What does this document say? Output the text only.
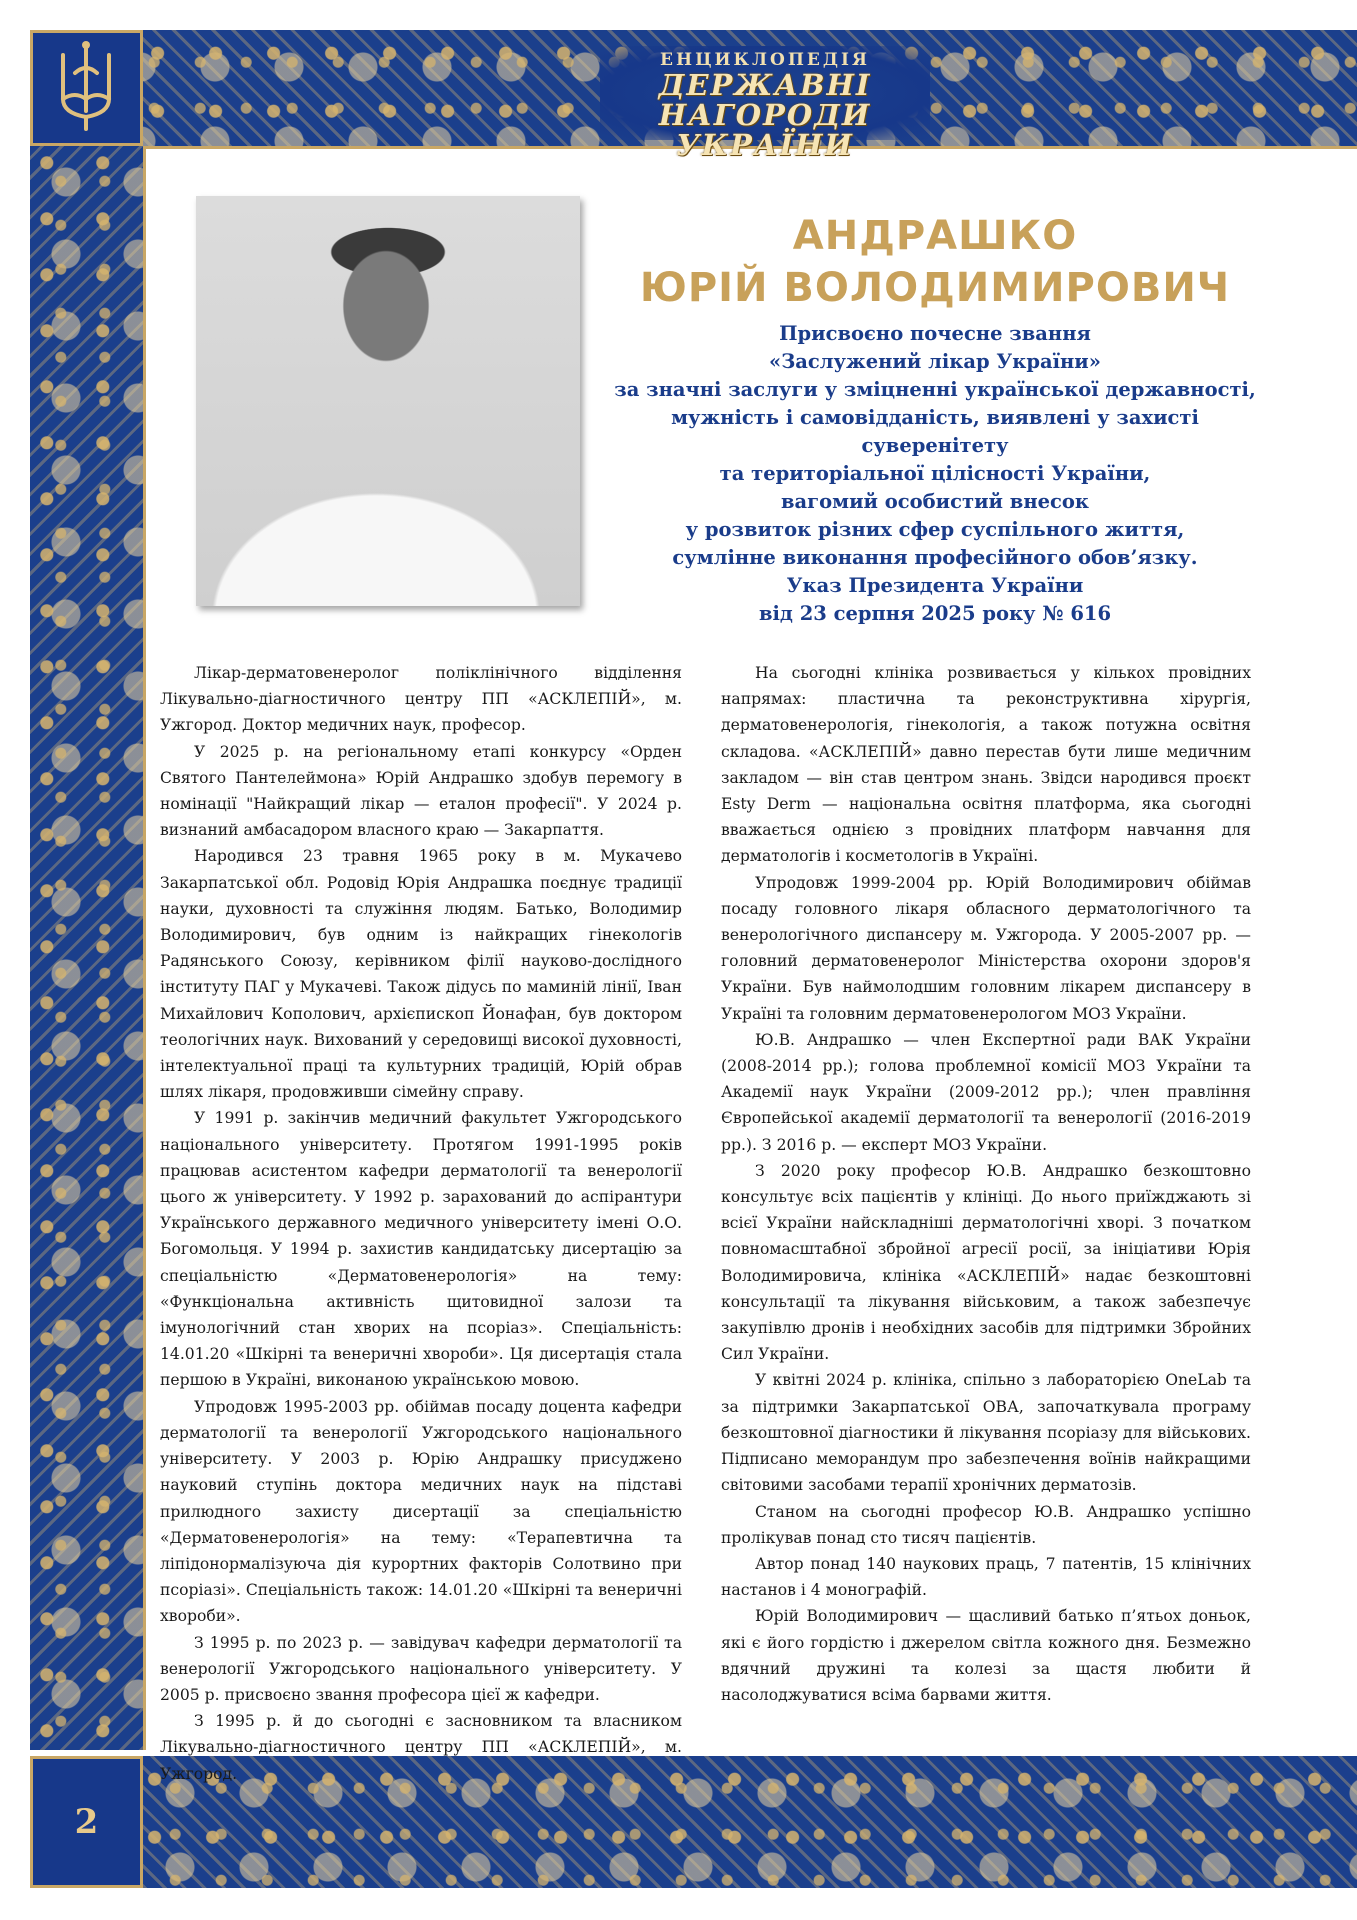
ЕНЦИКЛОПЕДІЯ
ДЕРЖАВНІ НАГОРОДИ
УКРАЇНИ
2
АНДРАШКО
ЮРІЙ ВОЛОДИМИРОВИЧ
Присвоєно почесне звання
«Заслужений лікар України»
за значні заслуги у зміцненні української державності,
мужність і самовідданість, виявлені у захисті суверенітету
та територіальної цілісності України,
вагомий особистий внесок
у розвиток різних сфер суспільного життя,
сумлінне виконання професійного обов’язку.
Указ Президента України
від 23 серпня 2025 року № 616

Лікар-дерматовенеролог поліклінічного відділення Лікувально-діагностичного центру ПП «АСКЛЕПІЙ», м. Ужгород. Доктор медичних наук, професор.

У 2025 р. на регіональному етапі конкурсу «Орден Святого Пантелеймона» Юрій Андрашко здобув перемогу в номінації "Найкращий лікар — еталон професії". У 2024 р. визнаний амбасадором власного краю — Закарпаття.

Народився 23 травня 1965 року в м. Мукачево Закарпатської обл. Родовід Юрія Андрашка поєднує традиції науки, духовності та служіння людям. Батько, Володимир Володимирович, був одним із найкращих гінекологів Радянського Союзу, керівником філії науково-дослідного інституту ПАГ у Мукачеві. Також дідусь по маминій лінії, Іван Михайлович Кополович, архієпископ Йонафан, був доктором теологічних наук. Вихований у середовищі високої духовності, інтелектуальної праці та культурних традицій, Юрій обрав шлях лікаря, продовживши сімейну справу.

У 1991 р. закінчив медичний факультет Ужгородського національного університету. Протягом 1991-1995 років працював асистентом кафедри дерматології та венерології цього ж університету. У 1992 р. зарахований до аспірантури Українського державного медичного університету імені О.О. Богомольця. У 1994 р. захистив кандидатську дисертацію за спеціальністю «Дерматовенерологія» на тему: «Функціональна активність щитовидної залози та імунологічний стан хворих на псоріаз». Спеціальність: 14.01.20 «Шкірні та венеричні хвороби». Ця дисертація стала першою в Україні, виконаною українською мовою.

Упродовж 1995-2003 рр. обіймав посаду доцента кафедри дерматології та венерології Ужгородського національного університету. У 2003 р. Юрію Андрашку присуджено науковий ступінь доктора медичних наук на підставі прилюдного захисту дисертації за спеціальністю «Дерматовенерологія» на тему: «Терапевтична та ліпідонормалізуюча дія курортних факторів Солотвино при псоріазі». Спеціальність також: 14.01.20 «Шкірні та венеричні хвороби».

З 1995 р. по 2023 р. — завідувач кафедри дерматології та венерології Ужгородського національного університету. У 2005 р. присвоєно звання професора цієї ж кафедри.

З 1995 р. й до сьогодні є засновником та власником Лікувально-діагностичного центру ПП «АСКЛЕПІЙ», м. Ужгород.

На сьогодні клініка розвивається у кількох провідних напрямах: пластична та реконструктивна хірургія, дерматовенерологія, гінекологія, а також потужна освітня складова. «АСКЛЕПІЙ» давно перестав бути лише медичним закладом — він став центром знань. Звідси народився проєкт Esty Derm — національна освітня платформа, яка сьогодні вважається однією з провідних платформ навчання для дерматологів і косметологів в Україні.

Упродовж 1999-2004 рр. Юрій Володимирович обіймав посаду головного лікаря обласного дерматологічного та венерологічного диспансеру м. Ужгорода. У 2005-2007 рр. — головний дерматовенеролог Міністерства охорони здоров'я України. Був наймолодшим головним лікарем диспансеру в Україні та головним дерматовенерологом МОЗ України.

Ю.В. Андрашко — член Експертної ради ВАК України (2008-2014 рр.); голова проблемної комісії МОЗ України та Академії наук України (2009-2012 рр.); член правління Європейської академії дерматології та венерології (2016-2019 рр.). З 2016 р. — експерт МОЗ України.

З 2020 року професор Ю.В. Андрашко безкоштовно консультує всіх пацієнтів у клініці. До нього приїжджають зі всієї України найскладніші дерматологічні хворі. З початком повномасштабної збройної агресії росії, за ініціативи Юрія Володимировича, клініка «АСКЛЕПІЙ» надає безкоштовні консультації та лікування військовим, а також забезпечує закупівлю дронів і необхідних засобів для підтримки Збройних Сил України.

У квітні 2024 р. клініка, спільно з лабораторією OneLab та за підтримки Закарпатської ОВА, започаткувала програму безкоштовної діагностики й лікування псоріазу для військових. Підписано меморандум про забезпечення воїнів найкращими світовими засобами терапії хронічних дерматозів.

Станом на сьогодні професор Ю.В. Андрашко успішно пролікував понад сто тисяч пацієнтів.

Автор понад 140 наукових праць, 7 патентів, 15 клінічних настанов і 4 монографій.

Юрій Володимирович — щасливий батько п’ятьох доньок, які є його гордістю і джерелом світла кожного дня. Безмежно вдячний дружині та колезі за щастя любити й насолоджуватися всіма барвами життя.
